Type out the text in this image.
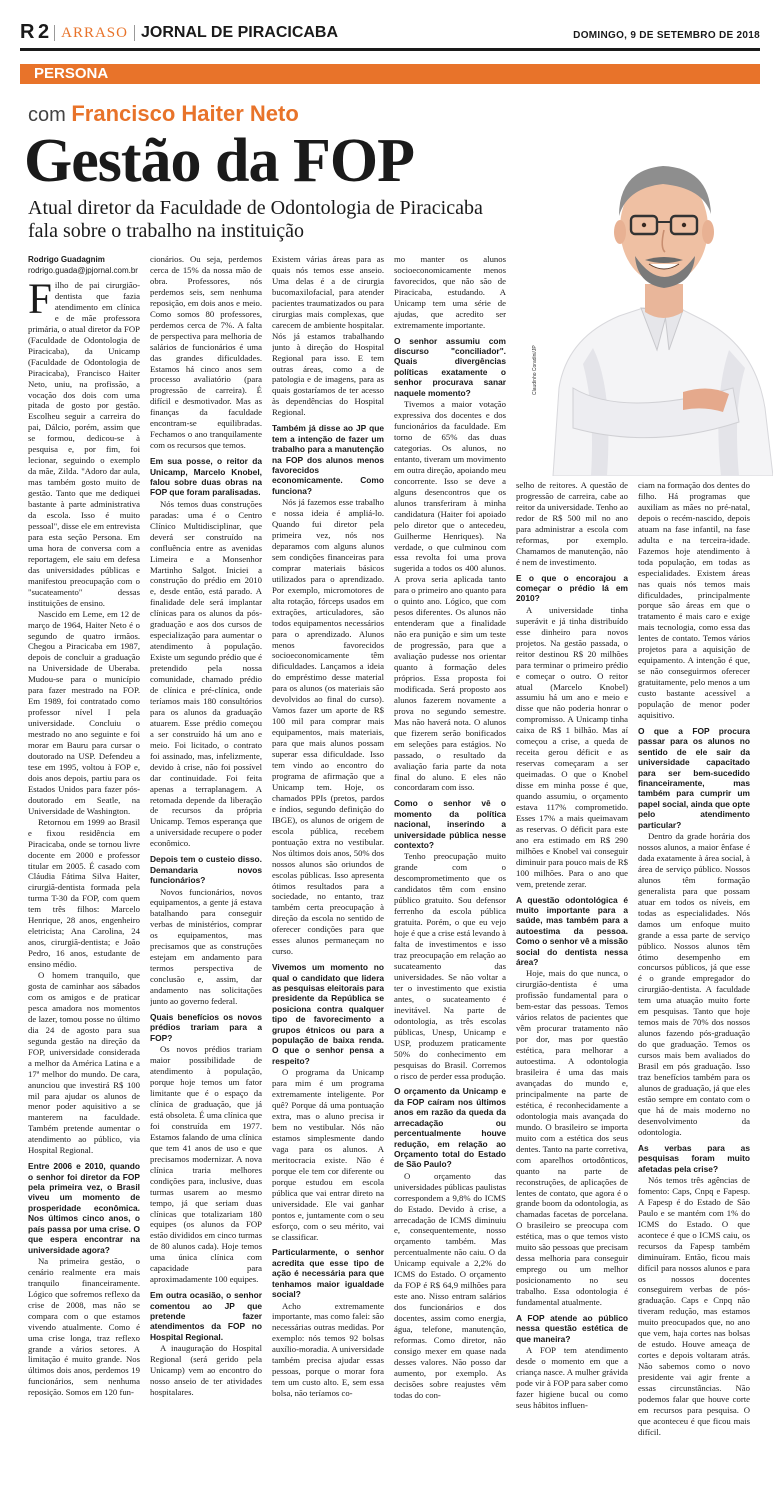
R 2 ARRASO JORNAL DE PIRACICABA	DOMINGO, 9 DE SETEMBRO DE 2018
PERSONA
com Francisco Haiter Neto
Gestão da FOP
Atual diretor da Faculdade de Odontologia de Piracicaba fala sobre o trabalho na instituição
Claudinho Coradini/JP
Rodrigo Guadagnim
rodrigo.guada@jpjornal.com.br

Filho de pai cirurgião-dentista que fazia atendimento em clínica e de mãe professora primária, o atual diretor da FOP (Faculdade de Odontologia de Piracicaba), da Unicamp (Faculdade de Odontologia de Piracicaba), Francisco Haiter Neto, uniu, na profissão, a vocação dos dois com uma pitada de gosto por gestão. Escolheu seguir a carreira do pai, Dálcio, porém, assim que se formou, dedicou-se à pesquisa e, por fim, foi lecionar, seguindo o exemplo da mãe, Zilda. "Adoro dar aula, mas também gosto muito de gestão. Tanto que me dediquei bastante à parte administrativa da escola. Isso é muito pessoal", disse ele em entrevista para esta seção Persona. Em uma hora de conversa com a reportagem, ele saiu em defesa das universidades públicas e manifestou preocupação com o "sucateamento" dessas instituições de ensino.

Nascido em Leme, em 12 de março de 1964, Haiter Neto é o segundo de quatro irmãos. Chegou a Piracicaba em 1987, depois de concluir a graduação na Universidade de Uberaba. Mudou-se para o município para fazer mestrado na FOP. Em 1989, foi contratado como professor nível I pela universidade. Concluiu o mestrado no ano seguinte e foi morar em Bauru para cursar o doutorado na USP. Defendeu a tese em 1995, voltou à FOP e, dois anos depois, partiu para os Estados Unidos para fazer pós-doutorado em Seatle, na Universidade de Washington.

Retornou em 1999 ao Brasil e fixou residência em Piracicaba, onde se tornou livre docente em 2000 e professor titular em 2005. É casado com Cláudia Fátima Silva Haiter, cirurgiã-dentista formada pela turma T-30 da FOP, com quem tem três filhos: Marcelo Henrique, 28 anos, engenheiro eletricista; Ana Carolina, 24 anos, cirurgiã-dentista; e João Pedro, 16 anos, estudante de ensino médio.

O homem tranquilo, que gosta de caminhar aos sábados com os amigos e de praticar pesca amadora nos momentos de lazer, tomou posse no último dia 24 de agosto para sua segunda gestão na direção da FOP, universidade considerada a melhor da América Latina e a 17ª melhor do mundo. De cara, anunciou que investirá R$ 100 mil para ajudar os alunos de menor poder aquisitivo a se manterem na faculdade. Também pretende aumentar o atendimento ao público, via Hospital Regional.

Entre 2006 e 2010, quando o senhor foi diretor da FOP pela primeira vez, o Brasil viveu um momento de prosperidade econômica. Nos últimos cinco anos, o país passa por uma crise. O que espera encontrar na universidade agora?

Na primeira gestão, o cenário realmente era mais tranquilo financeiramente. Lógico que sofremos reflexo da crise de 2008, mas não se compara com o que estamos vivendo atualmente. Como é uma crise longa, traz reflexo grande a vários setores. A limitação é muito grande. Nos últimos dois anos, perdemos 19 funcionários, sem nenhuma reposição. Somos em 120 fun-

cionários. Ou seja, perdemos cerca de 15% da nossa mão de obra. Professores, nós perdemos seis, sem nenhuma reposição, em dois anos e meio. Como somos 80 professores, perdemos cerca de 7%. A falta de perspectiva para melhoria de salários de funcionários é uma das grandes dificuldades. Estamos há cinco anos sem processo avaliatório (para progressão de carreira). É difícil e desmotivador. Mas as finanças da faculdade encontram-se equilibradas. Fechamos o ano tranquilamente com os recursos que temos.

Em sua posse, o reitor da Unicamp, Marcelo Knobel, falou sobre duas obras na FOP que foram paralisadas.

Nós temos duas construções paradas: uma é o Centro Clínico Multidisciplinar, que deverá ser construído na confluência entre as avenidas Limeira e a Monsenhor Martinho Salgot. Iniciei a construção do prédio em 2010 e, desde então, está parado. A finalidade dele será implantar clínicas para os alunos da pós-graduação e aos dos cursos de especialização para aumentar o atendimento à população. Existe um segundo prédio que é pretendido pela nossa comunidade, chamado prédio de clínica e pré-clínica, onde teríamos mais 180 consultórios para os alunos da graduação atuarem. Esse prédio começou a ser construído há um ano e meio. Foi licitado, o contrato foi assinado, mas, infelizmente, devido à crise, não foi possível dar continuidade. Foi feita apenas a terraplanagem. A retomada depende da liberação de recursos da própria Unicamp. Temos esperança que a universidade recupere o poder econômico.

Depois tem o custeio disso. Demandaria novos funcionários?

Novos funcionários, novos equipamentos, a gente já estava batalhando para conseguir verbas de ministérios, comprar os equipamentos, mas precisamos que as construções estejam em andamento para termos perspectiva de conclusão e, assim, dar andamento nas solicitações junto ao governo federal.

Quais benefícios os novos prédios trariam para a FOP?

Os novos prédios trariam maior possibilidade de atendimento à população, porque hoje temos um fator limitante que é o espaço da clínica de graduação, que já está obsoleta. É uma clínica que foi construída em 1977. Estamos falando de uma clínica que tem 41 anos de uso e que precisamos modernizar. A nova clínica traria melhores condições para, inclusive, duas turmas usarem ao mesmo tempo, já que seriam duas clínicas que totalizariam 180 equipes (os alunos da FOP estão divididos em cinco turmas de 80 alunos cada). Hoje temos uma única clínica com capacidade para aproximadamente 100 equipes.

Em outra ocasião, o senhor comentou ao JP que pretende fazer atendimentos da FOP no Hospital Regional.

A inauguração do Hospital Regional (será gerido pela Unicamp) vem ao encontro do nosso anseio de ter atividades hospitalares.

Existem várias áreas para as quais nós temos esse anseio. Uma delas é a de cirurgia bucomaxilofacial, para atender pacientes traumatizados ou para cirurgias mais complexas, que carecem de ambiente hospitalar. Nós já estamos trabalhando junto à direção do Hospital Regional para isso. E tem outras áreas, como a de patologia e de imagens, para as quais gostaríamos de ter acesso às dependências do Hospital Regional.

Também já disse ao JP que tem a intenção de fazer um trabalho para a manutenção na FOP dos alunos menos favorecidos economicamente. Como funciona?

Nós já fazemos esse trabalho e nossa ideia é ampliá-lo. Quando fui diretor pela primeira vez, nós nos deparamos com alguns alunos sem condições financeiras para comprar materiais básicos utilizados para o aprendizado. Por exemplo, micromotores de alta rotação, fórceps usados em extrações, articuladores, são todos equipamentos necessários para o aprendizado. Alunos menos favorecidos socioeconomicamente têm dificuldades. Lançamos a ideia do empréstimo desse material para os alunos (os materiais são devolvidos ao final do curso). Vamos fazer um aporte de R$ 100 mil para comprar mais equipamentos, mais materiais, para que mais alunos possam superar essa dificuldade. Isso tem vindo ao encontro do programa de afirmação que a Unicamp tem. Hoje, os chamados PPIs (pretos, pardos e índios, segundo definição do IBGE), os alunos de origem de escola pública, recebem pontuação extra no vestibular. Nos últimos dois anos, 50% dos nossos alunos são oriundos de escolas públicas. Isso apresenta ótimos resultados para a sociedade, no entanto, traz também certa preocupação à direção da escola no sentido de oferecer condições para que esses alunos permaneçam no curso.

Vivemos um momento no qual o candidato que lidera as pesquisas eleitorais para presidente da República se posiciona contra qualquer tipo de favorecimento a grupos étnicos ou para a população de baixa renda. O que o senhor pensa a respeito?

O programa da Unicamp para mim é um programa extremamente inteligente. Por quê? Porque dá uma pontuação extra, mas o aluno precisa ir bem no vestibular. Nós não estamos simplesmente dando vaga para os alunos. A meritocracia existe. Não é porque ele tem cor diferente ou porque estudou em escola pública que vai entrar direto na universidade. Ele vai ganhar pontos e, juntamente com o seu esforço, com o seu mérito, vai se classificar.

Particularmente, o senhor acredita que esse tipo de ação é necessária para que tenhamos maior igualdade social?

Acho extremamente importante, mas como falei: são necessárias outras medidas. Por exemplo: nós temos 92 bolsas auxílio-moradia. A universidade também precisa ajudar essas pessoas, porque o morar fora tem um custo alto. E, sem essa bolsa, não teríamos co-

mo manter os alunos socioeconomicamente menos favorecidos, que não são de Piracicaba, estudando. A Unicamp tem uma série de ajudas, que acredito ser extremamente importante.

O senhor assumiu com discurso "conciliador". Quais divergências políticas exatamente o senhor procurava sanar naquele momento?

Tivemos a maior votação expressiva dos docentes e dos funcionários da faculdade. Em torno de 65% das duas categorias. Os alunos, no entanto, tiveram um movimento em outra direção, apoiando meu concorrente. Isso se deve a alguns desencontros que os alunos transferiram à minha candidatura (Haiter foi apoiado pelo diretor que o antecedeu, Guilherme Henriques). Na verdade, o que culminou com essa revolta foi uma prova sugerida a todos os 400 alunos. A prova seria aplicada tanto para o primeiro ano quanto para o quinto ano. Lógico, que com pesos diferentes. Os alunos não entenderam que a finalidade não era punição e sim um teste de progressão, para que a avaliação pudesse nos orientar quanto à formação deles próprios. Essa proposta foi modificada. Será proposto aos alunos fazerem novamente a prova no segundo semestre. Mas não haverá nota. O alunos que fizerem serão bonificados em seleções para estágios. No passado, o resultado da avaliação faria parte da nota final do aluno. E eles não concordaram com isso.

Como o senhor vê o momento da política nacional, inserindo a universidade pública nesse contexto?

Tenho preocupação muito grande com o descomprometimento que os candidatos têm com ensino público gratuito. Sou defensor ferrenho da escola pública gratuita. Porém, o que eu vejo hoje é que a crise está levando à falta de investimentos e isso traz preocupação em relação ao sucateamento das universidades. Se não voltar a ter o investimento que existia antes, o sucateamento é inevitável. Na parte de odontologia, as três escolas públicas, Unesp, Unicamp e USP, produzem praticamente 50% do conhecimento em pesquisas do Brasil. Corremos o risco de perder essa produção.

O orçamento da Unicamp e da FOP caíram nos últimos anos em razão da queda da arrecadação ou percentualmente houve redução, em relação ao Orçamento total do Estado de São Paulo?

O orçamento das universidades públicas paulistas correspondem a 9,8% do ICMS do Estado. Devido à crise, a arrecadação de ICMS diminuiu e, consequentemente, nosso orçamento também. Mas percentualmente não caiu. O da Unicamp equivale a 2,2% do ICMS do Estado. O orçamento da FOP é R$ 64,9 milhões para este ano. Nisso entram salários dos funcionários e dos docentes, assim como energia, água, telefone, manutenção, reformas. Como diretor, não consigo mexer em quase nada desses valores. Não posso dar aumento, por exemplo. As decisões sobre reajustes vêm todas do con-

selho de reitores. A questão de progressão de carreira, cabe ao reitor da universidade. Tenho ao redor de R$ 500 mil no ano para administrar a escola com reformas, por exemplo. Chamamos de manutenção, não é nem de investimento.

E o que o encorajou a começar o prédio lá em 2010?

A universidade tinha superávit e já tinha distribuído esse dinheiro para novos projetos. Na gestão passada, o reitor destinou R$ 20 milhões para terminar o primeiro prédio e começar o outro. O reitor atual (Marcelo Knobel) assumiu há um ano e meio e disse que não poderia honrar o compromisso. A Unicamp tinha caixa de R$ 1 bilhão. Mas aí começou a crise, a queda de receita gerou déficit e as reservas começaram a ser queimadas. O que o Knobel disse em minha posse é que, quando assumiu, o orçamento estava 117% comprometido. Esses 17% a mais queimavam as reservas. O déficit para este ano era estimado em R$ 290 milhões e Knobel vai conseguir diminuir para pouco mais de R$ 100 milhões. Para o ano que vem, pretende zerar.

A questão odontológica é muito importante para a saúde, mas também para a autoestima da pessoa. Como o senhor vê a missão social do dentista nessa área?

Hoje, mais do que nunca, o cirurgião-dentista é uma profissão fundamental para o bem-estar das pessoas. Temos vários relatos de pacientes que vêm procurar tratamento não por dor, mas por questão estética, para melhorar a autoestima. A odontologia brasileira é uma das mais avançadas do mundo e, principalmente na parte de estética, é reconhecidamente a odontologia mais avançada do mundo. O brasileiro se importa muito com a estética dos seus dentes. Tanto na parte corretiva, com aparelhos ortodônticos, quanto na parte de reconstruções, de aplicações de lentes de contato, que agora é o grande boom da odontologia, as chamadas facetas de porcelana. O brasileiro se preocupa com estética, mas o que temos visto muito são pessoas que precisam dessa melhoria para conseguir emprego ou um melhor posicionamento no seu trabalho. Essa odontologia é fundamental atualmente.

A FOP atende ao público nessa questão estética de que maneira?

A FOP tem atendimento desde o momento em que a criança nasce. A mulher grávida pode vir à FOP para saber como fazer higiene bucal ou como seus hábitos influen-

ciam na formação dos dentes do filho. Há programas que auxiliam as mães no pré-natal, depois o recém-nascido, depois atuam na fase infantil, na fase adulta e na terceira-idade. Fazemos hoje atendimento à toda população, em todas as especialidades. Existem áreas nas quais nós temos mais dificuldades, principalmente porque são áreas em que o tratamento é mais caro e exige mais tecnologia, como essa das lentes de contato. Temos vários projetos para a aquisição de equipamento. A intenção é que, se não conseguirmos oferecer gratuitamente, pelo menos a um custo bastante acessível a população de menor poder aquisitivo.

O que a FOP procura passar para os alunos no sentido de ele sair da universidade capacitado para ser bem-sucedido financeiramente, mas também para cumprir um papel social, ainda que opte pelo atendimento particular?

Dentro da grade horária dos nossos alunos, a maior ênfase é dada exatamente à área social, à área de serviço público. Nossos alunos têm formação generalista para que possam atuar em todos os níveis, em todas as especialidades. Nós damos um enfoque muito grande a essa parte de serviço público. Nossos alunos têm ótimo desempenho em concursos públicos, já que esse é o grande empregador do cirurgião-dentista. A faculdade tem uma atuação muito forte em pesquisas. Tanto que hoje temos mais de 70% dos nossos alunos fazendo pós-graduação do que graduação. Temos os cursos mais bem avaliados do Brasil em pós graduação. Isso traz benefícios também para os alunos de graduação, já que eles estão sempre em contato com o que há de mais moderno no desenvolvimento da odontologia.

As verbas para as pesquisas foram muito afetadas pela crise?

Nós temos três agências de fomento: Caps, Cnpq e Fapesp. A Fapesp é do Estado de São Paulo e se mantém com 1% do ICMS do Estado. O que acontece é que o ICMS caiu, os recursos da Fapesp também diminuíram. Então, ficou mais difícil para nossos alunos e para os nossos docentes conseguirem verbas de pós-graduação. Caps e Cnpq não tiveram redução, mas estamos muito preocupados que, no ano que vem, haja cortes nas bolsas de estudo. Houve ameaça de cortes e depois voltaram atrás. Não sabemos como o novo presidente vai agir frente a essas circunstâncias. Não podemos falar que houve corte em recursos para pesquisa. O que aconteceu é que ficou mais difícil.
